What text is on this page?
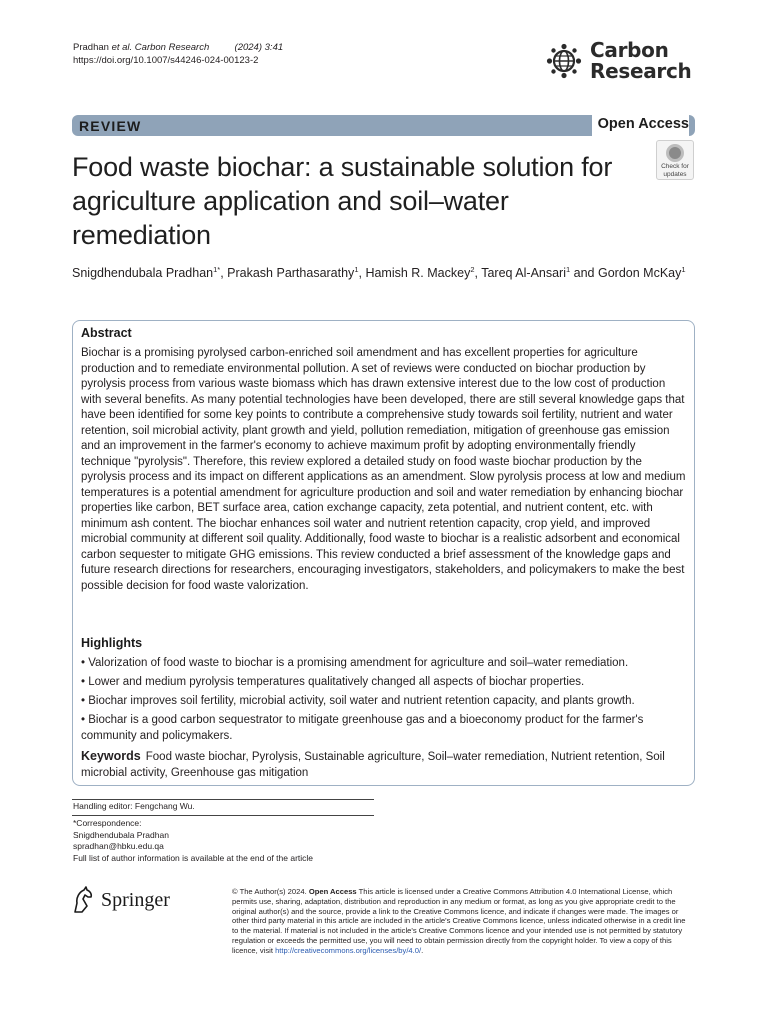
Pradhan et al. Carbon Research	(2024) 3:41
https://doi.org/10.1007/s44246-024-00123-2	Carbon
Research
REVIEW	Open Access
Food waste biochar: a sustainable solution for agriculture application and soil–water remediation
Check for
updates
Snigdhendubala Pradhan$^{1*}$, Prakash Parthasarathy$^1$, Hamish R. Mackey$^2$, Tareq Al-Ansari$^1$ and Gordon McKay$^1$
Abstract

Biochar is a promising pyrolysed carbon-enriched soil amendment and has excellent properties for agriculture production and to remediate environmental pollution. A set of reviews were conducted on biochar production by pyrolysis process from various waste biomass which has drawn extensive interest due to the low cost of production with several benefits. As many potential technologies have been developed, there are still several knowledge gaps that have been identified for some key points to contribute a comprehensive study towards soil fertility, nutrient and water retention, soil microbial activity, plant growth and yield, pollution remediation, mitigation of greenhouse gas emission and an improvement in the farmer's economy to achieve maximum profit by adopting environmentally friendly technique "pyrolysis". Therefore, this review explored a detailed study on food waste biochar production by the pyrolysis process and its impact on different applications as an amendment. Slow pyrolysis process at low and medium temperatures is a potential amendment for agriculture production and soil and water remediation by enhancing biochar properties like carbon, BET surface area, cation exchange capacity, zeta potential, and nutrient content, etc. with minimum ash content. The biochar enhances soil water and nutrient retention capacity, crop yield, and improved microbial community at different soil quality. Additionally, food waste to biochar is a realistic adsorbent and economical carbon sequester to mitigate GHG emissions. This review conducted a brief assessment of the knowledge gaps and future research directions for researchers, encouraging investigators, stakeholders, and policymakers to make the best possible decision for food waste valorization.

Highlights
• Valorization of food waste to biochar is a promising amendment for agriculture and soil–water remediation.
• Lower and medium pyrolysis temperatures qualitatively changed all aspects of biochar properties.
• Biochar improves soil fertility, microbial activity, soil water and nutrient retention capacity, and plants growth.
• Biochar is a good carbon sequestrator to mitigate greenhouse gas and a bioeconomy product for the farmer's community and policymakers.
Keywords Food waste biochar, Pyrolysis, Sustainable agriculture, Soil–water remediation, Nutrient retention, Soil microbial activity, Greenhouse gas mitigation
Handling editor: Fengchang Wu.
*Correspondence:
Snigdhendubala Pradhan
spradhan@hbku.edu.qa
Full list of author information is available at the end of the article
Springer	© The Author(s) 2024. Open Access This article is licensed under a Creative Commons Attribution 4.0 International License, which permits use, sharing, adaptation, distribution and reproduction in any medium or format, as long as you give appropriate credit to the original author(s) and the source, provide a link to the Creative Commons licence, and indicate if changes were made. The images or other third party material in this article are included in the article's Creative Commons licence, unless indicated otherwise in a credit line to the material. If material is not included in the article's Creative Commons licence and your intended use is not permitted by statutory regulation or exceeds the permitted use, you will need to obtain permission directly from the copyright holder. To view a copy of this licence, visit http://creativecommons.org/licenses/by/4.0/.
